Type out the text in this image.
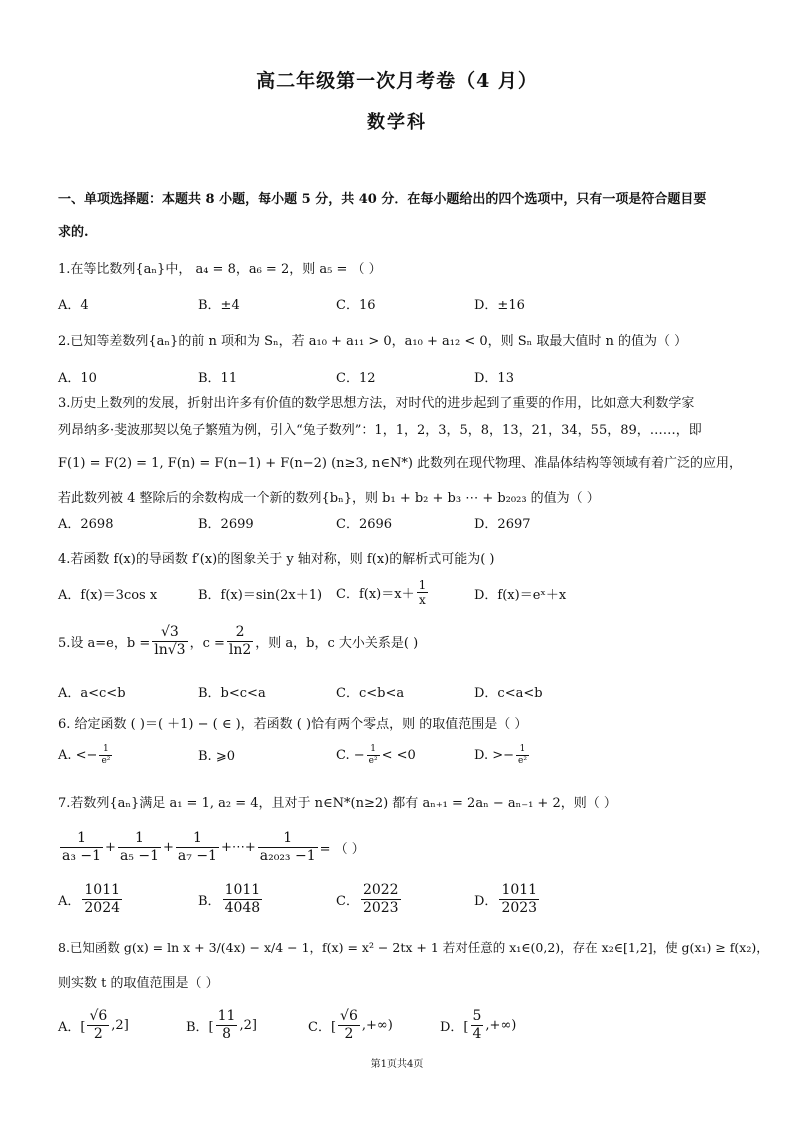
高二年级第一次月考卷（4 月）
数学科
一、单项选择题：本题共 8 小题，每小题 5 分，共 40 分．在每小题给出的四个选项中，只有一项是符合题目要
求的.
1.在等比数列{aₙ}中， a₄ = 8，a₆ = 2，则 a₅ = （ ）
A．4	B．±4	C．16	D．±16
2.已知等差数列{aₙ}的前 n 项和为 Sₙ，若 a₁₀ + a₁₁ > 0，a₁₀ + a₁₂ < 0，则 Sₙ 取最大值时 n 的值为（ ）
A．10	B．11	C．12	D．13
3.历史上数列的发展，折射出许多有价值的数学思想方法，对时代的进步起到了重要的作用，比如意大利数学家
列昂纳多·斐波那契以兔子繁殖为例，引入“兔子数列”：1，1，2，3，5，8，13，21，34，55，89，……，即
F(1) = F(2) = 1, F(n) = F(n−1) + F(n−2) (n≥3, n∈N*) 此数列在现代物理、准晶体结构等领域有着广泛的应用，
若此数列被 4 整除后的余数构成一个新的数列{bₙ}，则 b₁ + b₂ + b₃ ⋯ + b₂₀₂₃ 的值为（ ）
A．2698	B．2699	C．2696	D．2697
4.若函数 f(x)的导函数 f′(x)的图象关于 y 轴对称，则 f(x)的解析式可能为( )
A．f(x)＝3cos x	B．f(x)＝sin(2x＋1) C．$f(x)=x+ \frac{1}{x}$	D．f(x)＝eˣ＋x
5.设 a=e，$b = \frac{√3}{\ln√3}$ ，$c = \frac{2}{\ln 2}$ ，则 a，b，c 大小关系是( )
A．a<c<b	B．b<c<a	C．c<b<a	D．c<a<b
6. 给定函数 ( )＝( ＋1) − ( ∈ )，若函数 ( )恰有两个零点，则 的取值范围是（ ）
A. <− $\frac{1}{\text{e²}}$	B. ⩾0	C. − $\frac{1}{\text{e²}} < <0$	D. >− $\frac{1}{\text{e²}}$
7.若数列{aₙ}满足 a₁ = 1, a₂ = 4，且对于 n∈N*(n≥2) 都有 aₙ₊₁ = 2aₙ − aₙ₋₁ + 2，则（ ）
$\frac{1}{\text{a₃ −1}} + \frac{1}{\text{a₅ −1}} + \frac{1}{\text{a₇ −1}}$ +⋯+ $\frac{1}{\text{a₂₀₂₃ −1}}$ = （ ）
A． $\frac{1011}{2024}$	B． $\frac{1011}{4048}$	C． $\frac{2022}{2023}$	D． $\frac{1011}{2023}$
8.已知函数 g(x) = ln x + 3/(4x) − x/4 − 1，f(x) = x² − 2tx + 1 若对任意的 x₁∈(0,2)，存在 x₂∈[1,2]，使 g(x₁) ≥ f(x₂)，
则实数 t 的取值范围是（ ）
A．[ $\frac{√6}{2} ,2$]	B．[ $\frac{11}{8} ,2$]	C．[ $\frac{√6}{2}$ ,+∞)	D．[ $\frac{5}{4}$ ,+∞)
第1页共4页
